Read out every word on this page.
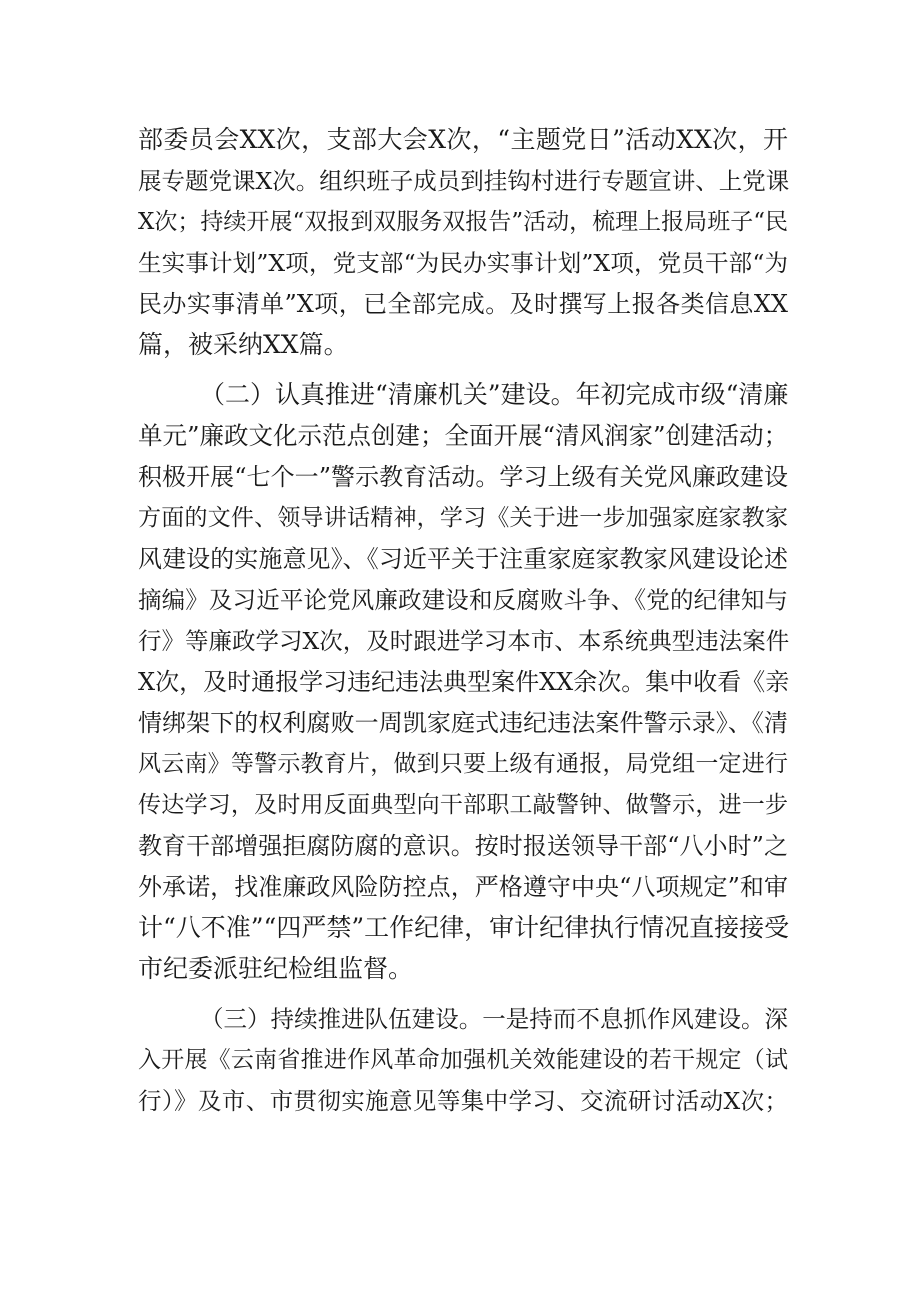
部委员会XX次，支部大会X次，“主题党日”活动XX次，开

展专题党课X次。组织班子成员到挂钩村进行专题宣讲、上党课

X次；持续开展“双报到双服务双报告”活动，梳理上报局班子“民

生实事计划”X项，党支部“为民办实事计划”X项，党员干部“为

民办实事清单”X项，已全部完成。及时撰写上报各类信息XX

篇，被采纳XX篇。

（二）认真推进“清廉机关”建设。年初完成市级“清廉

单元”廉政文化示范点创建；全面开展“清风润家”创建活动；

积极开展“七个一”警示教育活动。学习上级有关党风廉政建设

方面的文件、领导讲话精神，学习《关于进一步加强家庭家教家

风建设的实施意见》、《习近平关于注重家庭家教家风建设论述

摘编》及习近平论党风廉政建设和反腐败斗争、《党的纪律知与

行》等廉政学习X次，及时跟进学习本市、本系统典型违法案件

X次，及时通报学习违纪违法典型案件XX余次。集中收看《亲

情绑架下的权利腐败一周凯家庭式违纪违法案件警示录》、《清

风云南》等警示教育片，做到只要上级有通报，局党组一定进行

传达学习，及时用反面典型向干部职工敲警钟、做警示，进一步

教育干部增强拒腐防腐的意识。按时报送领导干部“八小时”之

外承诺，找准廉政风险防控点，严格遵守中央“八项规定”和审

计“八不准”“四严禁”工作纪律，审计纪律执行情况直接接受

市纪委派驻纪检组监督。

（三）持续推进队伍建设。一是持而不息抓作风建设。深

入开展《云南省推进作风革命加强机关效能建设的若干规定（试

行）》及市、市贯彻实施意见等集中学习、交流研讨活动X次；
